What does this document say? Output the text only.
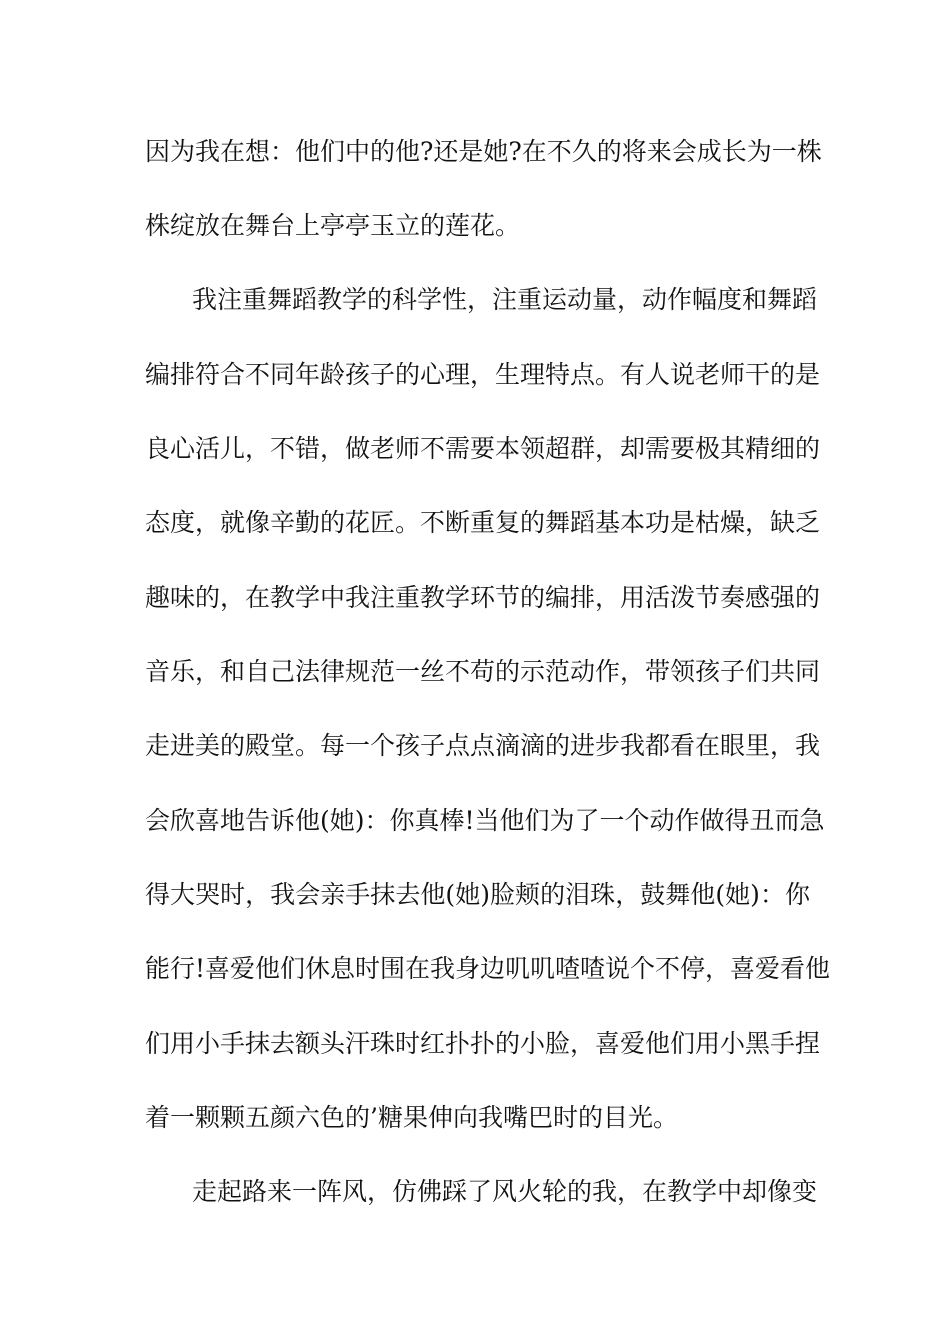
因为我在想：他们中的他?还是她?在不久的将来会成长为一株
株绽放在舞台上亭亭玉立的莲花。
我注重舞蹈教学的科学性，注重运动量，动作幅度和舞蹈
编排符合不同年龄孩子的心理，生理特点。有人说老师干的是
良心活儿，不错，做老师不需要本领超群，却需要极其精细的
态度，就像辛勤的花匠。不断重复的舞蹈基本功是枯燥，缺乏
趣味的，在教学中我注重教学环节的编排，用活泼节奏感强的
音乐，和自己法律规范一丝不苟的示范动作，带领孩子们共同
走进美的殿堂。每一个孩子点点滴滴的进步我都看在眼里，我
会欣喜地告诉他(她)：你真棒!当他们为了一个动作做得丑而急
得大哭时，我会亲手抹去他(她)脸颊的泪珠，鼓舞他(她)：你
能行!喜爱他们休息时围在我身边叽叽喳喳说个不停，喜爱看他
们用小手抹去额头汗珠时红扑扑的小脸，喜爱他们用小黑手捏
着一颗颗五颜六色的’糖果伸向我嘴巴时的目光。
走起路来一阵风，仿佛踩了风火轮的我，在教学中却像变
